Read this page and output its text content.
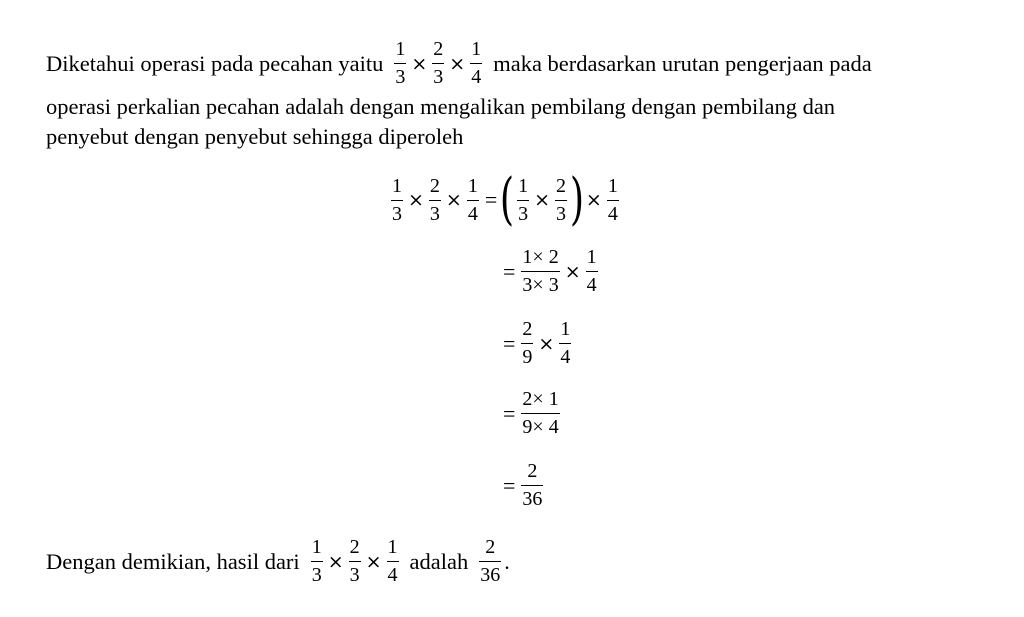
Diketahui operasi pada pecahan yaitu $\frac{1}{3} \times \frac{2}{3} \times \frac{1}{4}$ maka berdasarkan urutan pengerjaan pada
operasi perkalian pecahan adalah dengan mengalikan pembilang dengan pembilang dan
penyebut dengan penyebut sehingga diperoleh
$\frac{1}{3} \times \frac{2}{3} \times \frac{1}{4}$ = ( $\frac{1}{3} \times \frac{2}{3}$ ) × $\frac{1}{4}$
= $\frac{1\times 2}{3\times 3} \times \frac{1}{4}$
= $\frac{2}{9} \times \frac{1}{4}$
= $\frac{2\times 1}{9\times 4}$
= $\frac{2}{36}$
Dengan demikian, hasil dari $\frac{1}{3} \times \frac{2}{3} \times \frac{1}{4}$ adalah $\frac{2}{36}$ .
